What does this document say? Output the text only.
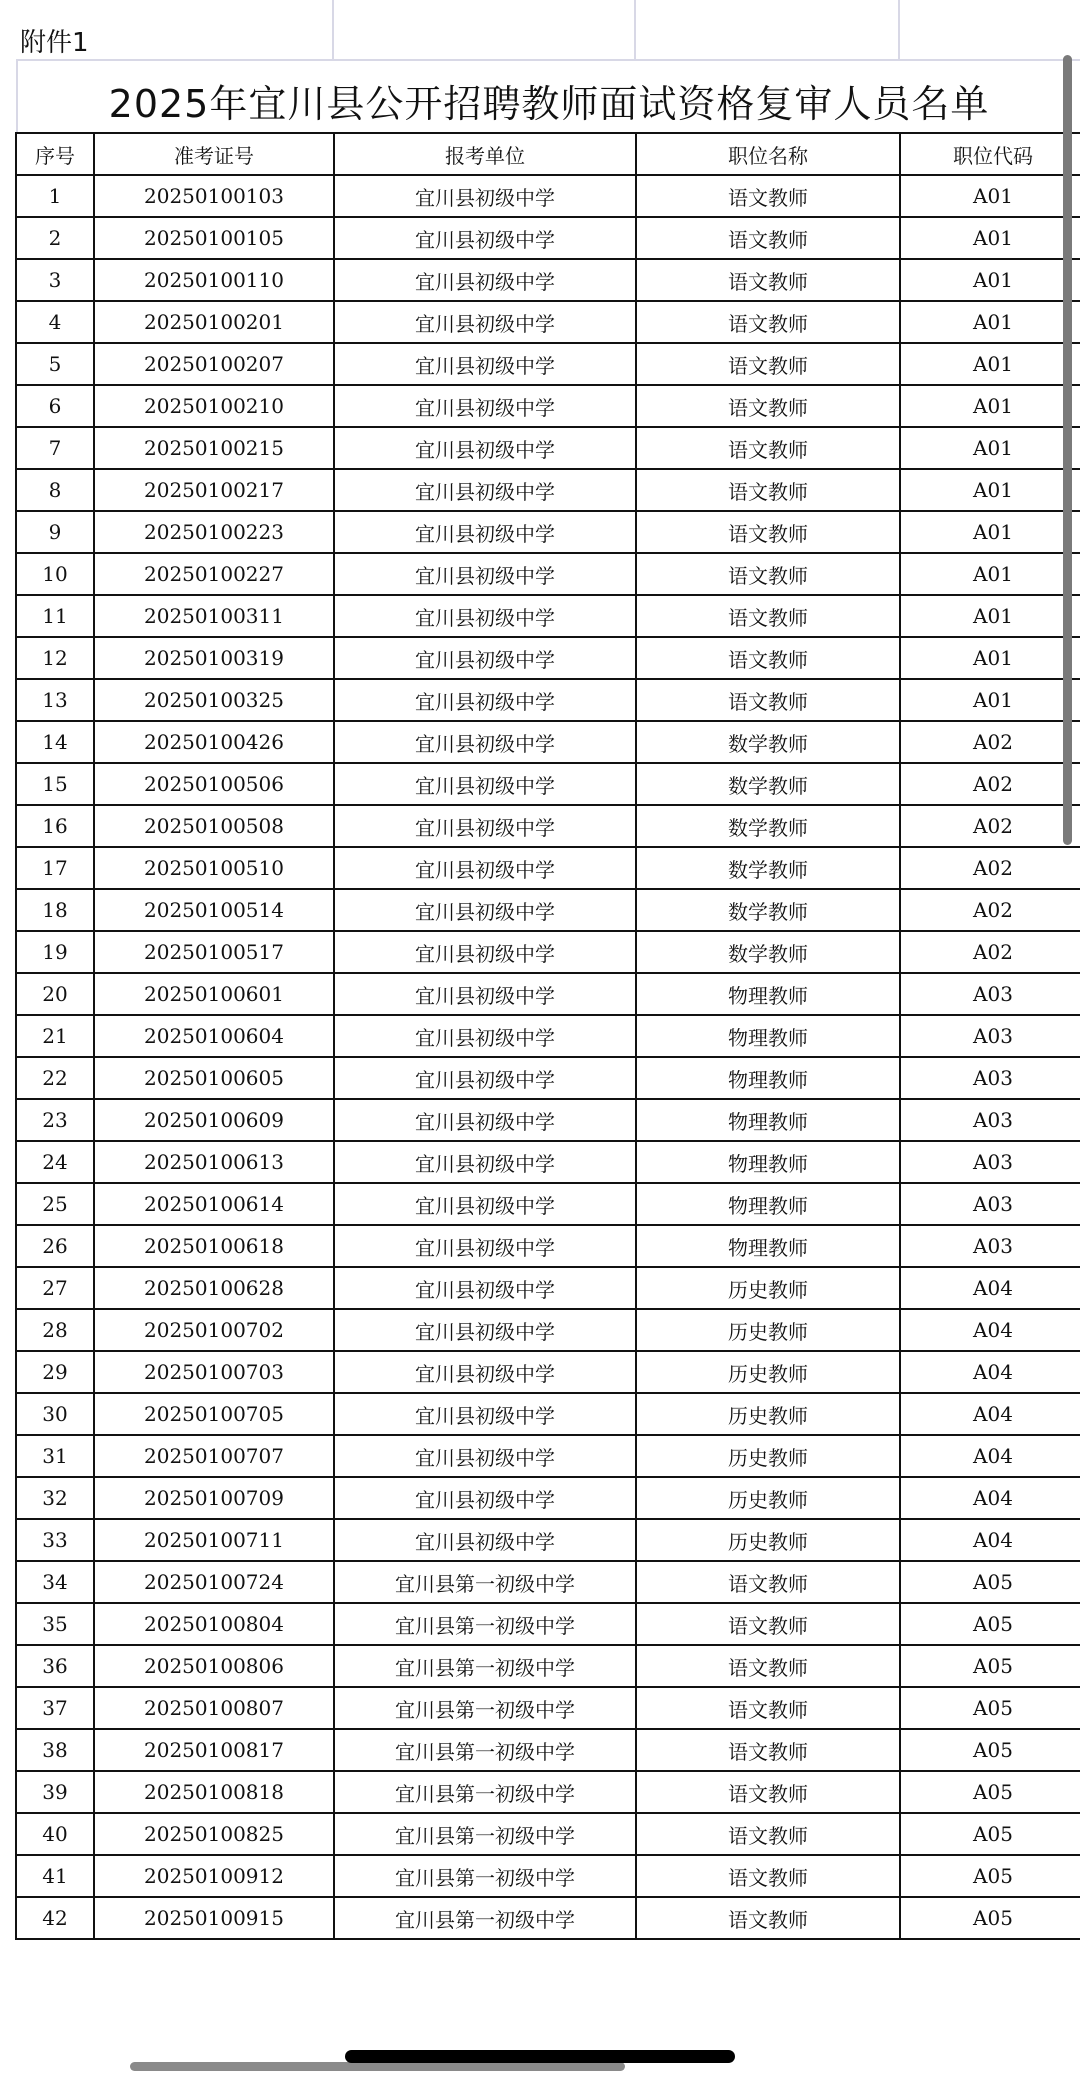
附件1
2025年宜川县公开招聘教师面试资格复审人员名单
序号	准考证号	报考单位	职位名称	职位代码
1	20250100103	宜川县初级中学	语文教师	A01
2	20250100105	宜川县初级中学	语文教师	A01
3	20250100110	宜川县初级中学	语文教师	A01
4	20250100201	宜川县初级中学	语文教师	A01
5	20250100207	宜川县初级中学	语文教师	A01
6	20250100210	宜川县初级中学	语文教师	A01
7	20250100215	宜川县初级中学	语文教师	A01
8	20250100217	宜川县初级中学	语文教师	A01
9	20250100223	宜川县初级中学	语文教师	A01
10	20250100227	宜川县初级中学	语文教师	A01
11	20250100311	宜川县初级中学	语文教师	A01
12	20250100319	宜川县初级中学	语文教师	A01
13	20250100325	宜川县初级中学	语文教师	A01
14	20250100426	宜川县初级中学	数学教师	A02
15	20250100506	宜川县初级中学	数学教师	A02
16	20250100508	宜川县初级中学	数学教师	A02
17	20250100510	宜川县初级中学	数学教师	A02
18	20250100514	宜川县初级中学	数学教师	A02
19	20250100517	宜川县初级中学	数学教师	A02
20	20250100601	宜川县初级中学	物理教师	A03
21	20250100604	宜川县初级中学	物理教师	A03
22	20250100605	宜川县初级中学	物理教师	A03
23	20250100609	宜川县初级中学	物理教师	A03
24	20250100613	宜川县初级中学	物理教师	A03
25	20250100614	宜川县初级中学	物理教师	A03
26	20250100618	宜川县初级中学	物理教师	A03
27	20250100628	宜川县初级中学	历史教师	A04
28	20250100702	宜川县初级中学	历史教师	A04
29	20250100703	宜川县初级中学	历史教师	A04
30	20250100705	宜川县初级中学	历史教师	A04
31	20250100707	宜川县初级中学	历史教师	A04
32	20250100709	宜川县初级中学	历史教师	A04
33	20250100711	宜川县初级中学	历史教师	A04
34	20250100724	宜川县第一初级中学	语文教师	A05
35	20250100804	宜川县第一初级中学	语文教师	A05
36	20250100806	宜川县第一初级中学	语文教师	A05
37	20250100807	宜川县第一初级中学	语文教师	A05
38	20250100817	宜川县第一初级中学	语文教师	A05
39	20250100818	宜川县第一初级中学	语文教师	A05
40	20250100825	宜川县第一初级中学	语文教师	A05
41	20250100912	宜川县第一初级中学	语文教师	A05
42	20250100915	宜川县第一初级中学	语文教师	A05
